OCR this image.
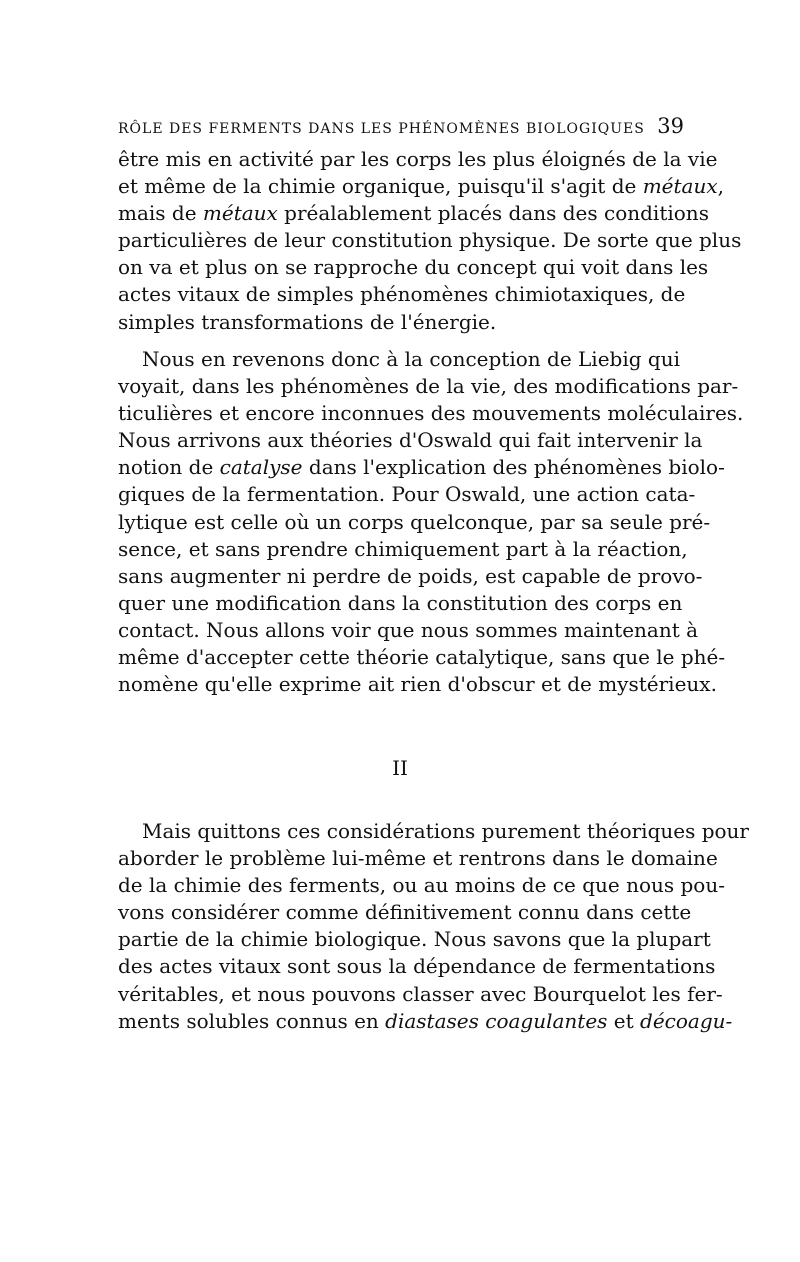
RÔLE DES FERMENTS DANS LES PHÉNOMÈNES BIOLOGIQUES 39
être mis en activité par les corps les plus éloignés de la vie
et même de la chimie organique, puisqu'il s'agit de métaux,
mais de métaux préalablement placés dans des conditions
particulières de leur constitution physique. De sorte que plus
on va et plus on se rapproche du concept qui voit dans les
actes vitaux de simples phénomènes chimiotaxiques, de
simples transformations de l'énergie.
Nous en revenons donc à la conception de Liebig qui
voyait, dans les phénomènes de la vie, des modifications par-
ticulières et encore inconnues des mouvements moléculaires.
Nous arrivons aux théories d'Oswald qui fait intervenir la
notion de catalyse dans l'explication des phénomènes biolo-
giques de la fermentation. Pour Oswald, une action cata-
lytique est celle où un corps quelconque, par sa seule pré-
sence, et sans prendre chimiquement part à la réaction,
sans augmenter ni perdre de poids, est capable de provo-
quer une modification dans la constitution des corps en
contact. Nous allons voir que nous sommes maintenant à
même d'accepter cette théorie catalytique, sans que le phé-
nomène qu'elle exprime ait rien d'obscur et de mystérieux.
II
Mais quittons ces considérations purement théoriques pour
aborder le problème lui-même et rentrons dans le domaine
de la chimie des ferments, ou au moins de ce que nous pou-
vons considérer comme définitivement connu dans cette
partie de la chimie biologique. Nous savons que la plupart
des actes vitaux sont sous la dépendance de fermentations
véritables, et nous pouvons classer avec Bourquelot les fer-
ments solubles connus en diastases coagulantes et décoagu-
